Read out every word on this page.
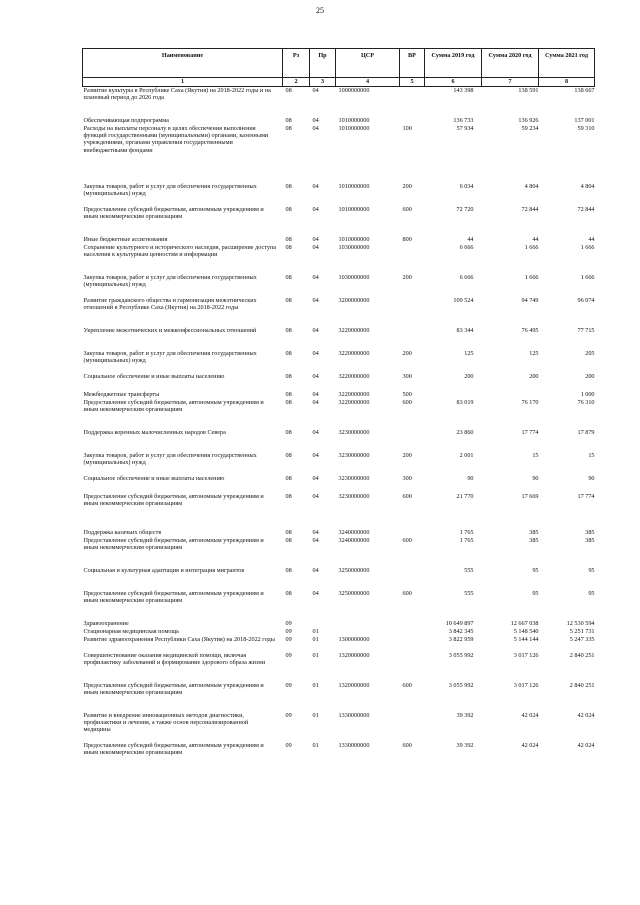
25
Наименование	Рз	Пр	ЦСР	ВР	Сумма 2019 год	Сумма 2020 год	Сумма 2021 год
1	2	3	4	5	6	7	8
Развитие культуры в Республике Саха (Якутия) на 2018-2022 годы и на плановый период до 2026 года	08	04	1000000000		143 398	138 591	138 667
Обеспечивающая подпрограмма	08	04	1010000000		136 733	136 926	137 001
Расходы на выплаты персоналу в целях обеспечения выполнения функций государственными (муниципальными) органами, казенными учреждениями, органами управления государственными внебюджетными фондами	08	04	1010000000	100	57 934	59 234	59 310
Закупка товаров, работ и услуг для обеспечения государственных (муниципальных) нужд	08	04	1010000000	200	6 034	4 804	4 804
Предоставление субсидий бюджетным, автономным учреждениям и иным некоммерческим организациям	08	04	1010000000	600	72 720	72 844	72 844
Иные бюджетные ассигнования	08	04	1010000000	800	44	44	44
Сохранение культурного и исторического наследия, расширение доступа населения к культурным ценностям и информации	08	04	1030000000		6 666	1 666	1 666
Закупка товаров, работ и услуг для обеспечения государственных (муниципальных) нужд	08	04	1030000000	200	6 666	1 666	1 666
Развитие гражданского общества и гармонизация межэтнических отношений в Республике Саха (Якутия) на 2018-2022 годы	08	04	3200000000		109 524	94 749	96 074
Укрепление межэтнических и межконфессиональных отношений	08	04	3220000000		83 344	76 495	77 715
Закупка товаров, работ и услуг для обеспечения государственных (муниципальных) нужд	08	04	3220000000	200	125	125	205
Социальное обеспечение и иные выплаты населению	08	04	3220000000	300	200	200	200
Межбюджетные трансферты	08	04	3220000000	500			1 000
Предоставление субсидий бюджетным, автономным учреждениям и иным некоммерческим организациям	08	04	3220000000	600	83 019	76 170	76 310
Поддержка коренных малочисленных народов Севера	08	04	3230000000		23 860	17 774	17 879
Закупка товаров, работ и услуг для обеспечения государственных (муниципальных) нужд	08	04	3230000000	200	2 001	15	15
Социальное обеспечение и иные выплаты населению	08	04	3230000000	300	90	90	90
Предоставление субсидий бюджетным, автономным учреждениям и иным некоммерческим организациям	08	04	3230000000	600	21 770	17 669	17 774
Поддержка казачьих обществ	08	04	3240000000		1 765	385	385
Предоставление субсидий бюджетным, автономным учреждениям и иным некоммерческим организациям	08	04	3240000000	600	1 765	385	385
Социальная и культурная адаптация и интеграция мигрантов	08	04	3250000000		555	95	95
Предоставление субсидий бюджетным, автономным учреждениям и иным некоммерческим организациям	08	04	3250000000	600	555	95	95
Здравоохранение	09				10 649 897	12 667 038	12 530 594
Стационарная медицинская помощь	09	01			3 842 345	5 148 540	5 251 731
Развитие здравоохранения Республики Саха (Якутия) на 2018-2022 годы	09	01	1300000000		3 822 959	5 144 144	5 247 335
Совершенствование оказания медицинской помощи, включая профилактику заболеваний и формирование здорового образа жизни	09	01	1320000000		3 055 992	3 017 126	2 840 251
Предоставление субсидий бюджетным, автономным учреждениям и иным некоммерческим организациям	09	01	1320000000	600	3 055 992	3 017 126	2 840 251
Развитие и внедрение инновационных методов диагностики, профилактики и лечения, а также основ персонализированной медицины	09	01	1330000000		39 392	42 024	42 024
Предоставление субсидий бюджетным, автономным учреждениям и иным некоммерческим организациям	09	01	1330000000	600	39 392	42 024	42 024
